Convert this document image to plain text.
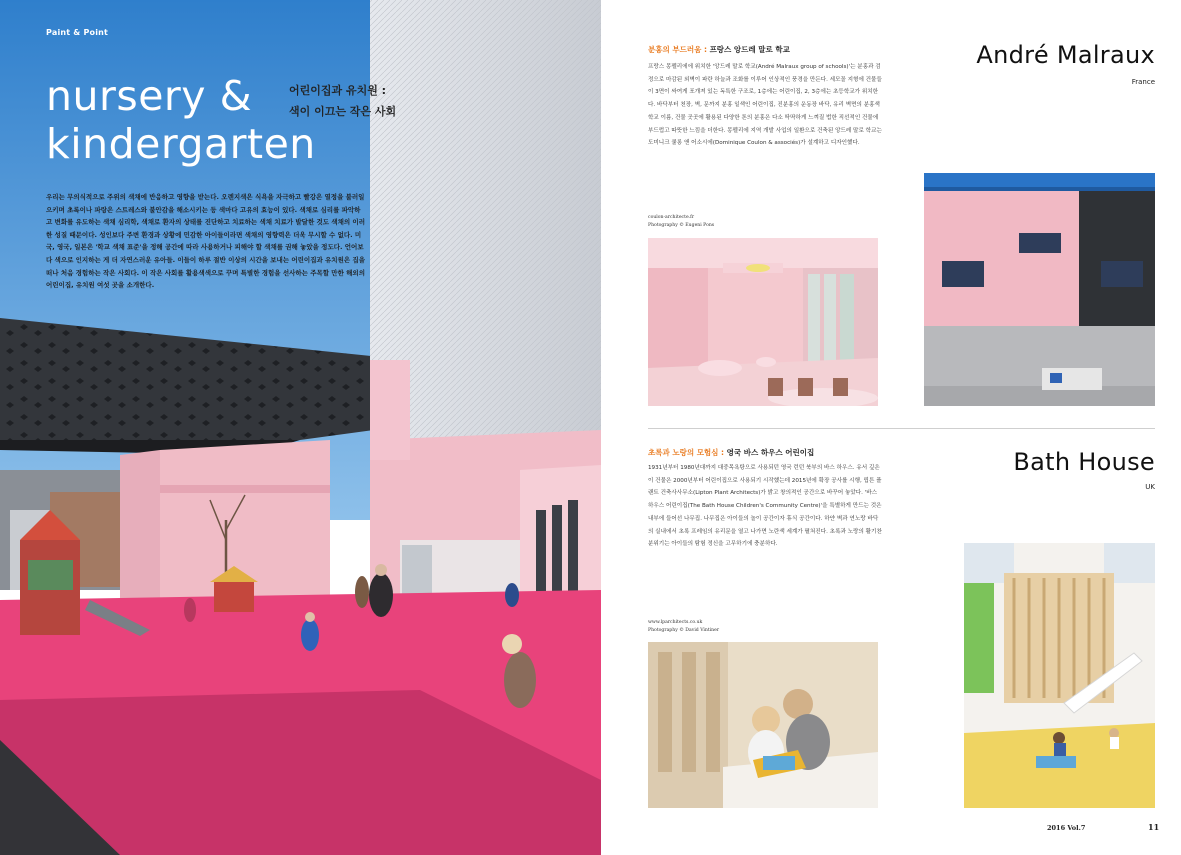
Paint & Point
nursery &
kindergarten
어린이집과 유치원 :
색이 이끄는 작은 사회

우리는 무의식적으로 주위의 색채에 반응하고 영향을 받는다. 오렌지색은 식욕을 자극하고 빨강은 열정을 불러일으키며 초록이나 파랑은 스트레스와 불안감을 해소시키는 등 색마다 고유의 효능이 있다. 색채로 심리를 파악하고 변화를 유도하는 색채 심리학, 색채로 환자의 상태를 진단하고 치료하는 색채 치료가 발달한 것도 색채의 이러한 성질 때문이다. 성인보다 주변 환경과 상황에 민감한 아이들이라면 색채의 영향력은 더욱 무시할 수 없다. 미국, 영국, 일본은 '학교 색채 표준'을 정해 공간에 따라 사용하거나 피해야 할 색채를 권해 놓았을 정도다. 언어보다 색으로 인지하는 게 더 자연스러운 유아들. 이들이 하루 절반 이상의 시간을 보내는 어린이집과 유치원은 집을 떠나 처음 경험하는 작은 사회다. 이 작은 사회를 활용색색으로 꾸며 특별한 경험을 선사하는 주목할 만한 해외의 어린이집, 유치원 여섯 곳을 소개한다.

분홍의 부드러움 : 프랑스 앙드레 말로 학교

프랑스 몽펠리에에 위치한 '앙드레 말로 학교(André Malraux group of schools)'는 분홍과 검정으로 마감된 외벽이 파란 하늘과 조화를 이루어 인상적인 풍경을 만든다. 세모꼴 지형에 건물들이 3면이 싸여게 포개져 있는 독특한 구조로, 1층에는 어린이집, 2, 3층에는 초등학교가 위치한다. 바닥부터 천장, 벽, 문까지 분홍 일색인 어린이집, 진분홍의 운동장 바닥, 유리 벽면의 분홍색 학교 이름, 건물 곳곳에 활용된 다양한 톤의 분홍은 다소 딱딱하게 느껴질 법한 직선적인 건물에 부드럽고 따뜻한 느낌을 더한다. 몽펠리에 지역 개발 사업의 일환으로 건축된 앙드레 말로 학교는 도미니크 쿨롱 앤 어소시에(Dominique Coulon & associés)가 설계하고 디자인했다.

André Malraux
France
coulon-architecte.fr
Photography © Eugeni Pons
초록과 노랑의 모험심 : 영국 바스 하우스 어린이집

1931년부터 1980년대까지 대중목욕탕으로 사용되던 영국 런던 북부의 바스 하우스. 유서 깊은 이 건물은 2000년부터 어린이집으로 사용되기 시작했는데 2015년에 확장 공사를 시행, 립튼 플랜트 건축사사무소(Lipton Plant Architects)가 밝고 창의적인 공간으로 바꾸어 놓았다. '바스 하우스 어린이집(The Bath House Children's Community Centre)'을 특별하게 만드는 것은 내부에 들어선 나무집. 나무집은 아이들의 놀이 공간이자 휴식 공간이다. 하얀 벽과 연노랑 바닥의 실내에서 초록 프레임의 유리문을 열고 나가면 노란색 세계가 펼쳐진다. 초록과 노랑의 활기찬 분위기는 아이들의 탐험 정신을 고무하기에 충분하다.

Bath House
UK
www.lparchitects.co.uk
Photography © David Vintiner
2016 Vol.7	11
